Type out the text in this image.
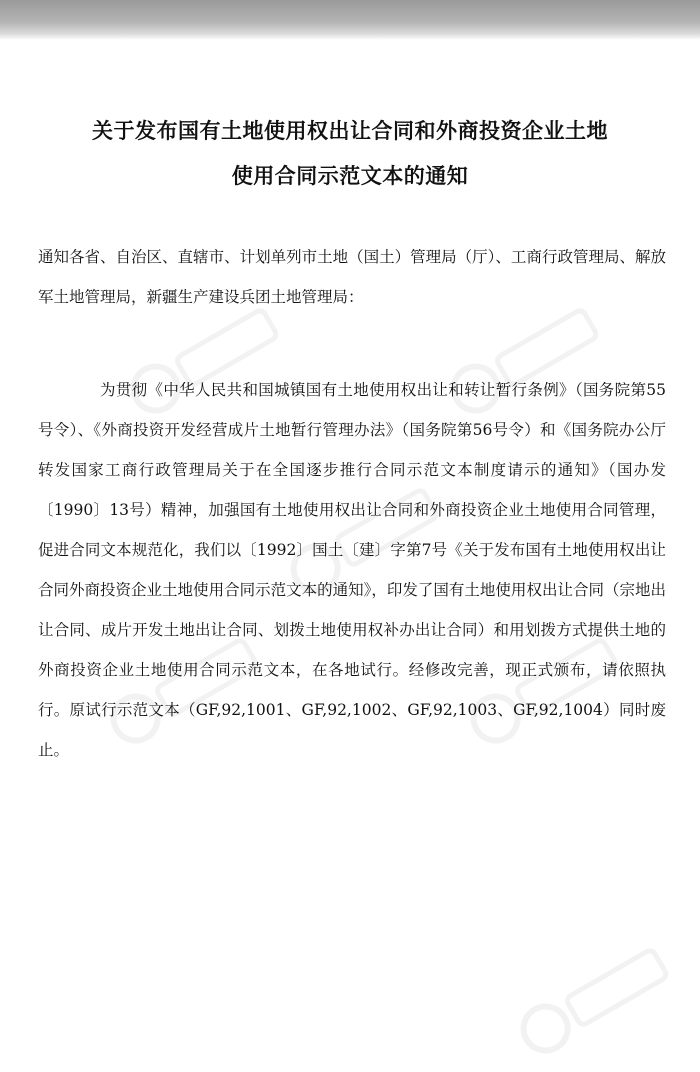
关于发布国有土地使用权出让合同和外商投资企业土地
使用合同示范文本的通知
通知各省、自治区、直辖市、计划单列市土地（国土）管理局（厅）、工商行政管理局、解放军土地管理局，新疆生产建设兵团土地管理局：
为贯彻《中华人民共和国城镇国有土地使用权出让和转让暂行条例》（国务院第55号令）、《外商投资开发经营成片土地暂行管理办法》（国务院第56号令）和《国务院办公厅转发国家工商行政管理局关于在全国逐步推行合同示范文本制度请示的通知》（国办发〔1990〕13号）精神，加强国有土地使用权出让合同和外商投资企业土地使用合同管理，促进合同文本规范化，我们以〔1992〕国土〔建〕字第7号《关于发布国有土地使用权出让合同外商投资企业土地使用合同示范文本的通知》，印发了国有土地使用权出让合同（宗地出让合同、成片开发土地出让合同、划拨土地使用权补办出让合同）和用划拨方式提供土地的外商投资企业土地使用合同示范文本，在各地试行。经修改完善，现正式颁布，请依照执行。原试行示范文本（GF,92,1001、GF,92,1002、GF,92,1003、GF,92,1004）同时废止。
